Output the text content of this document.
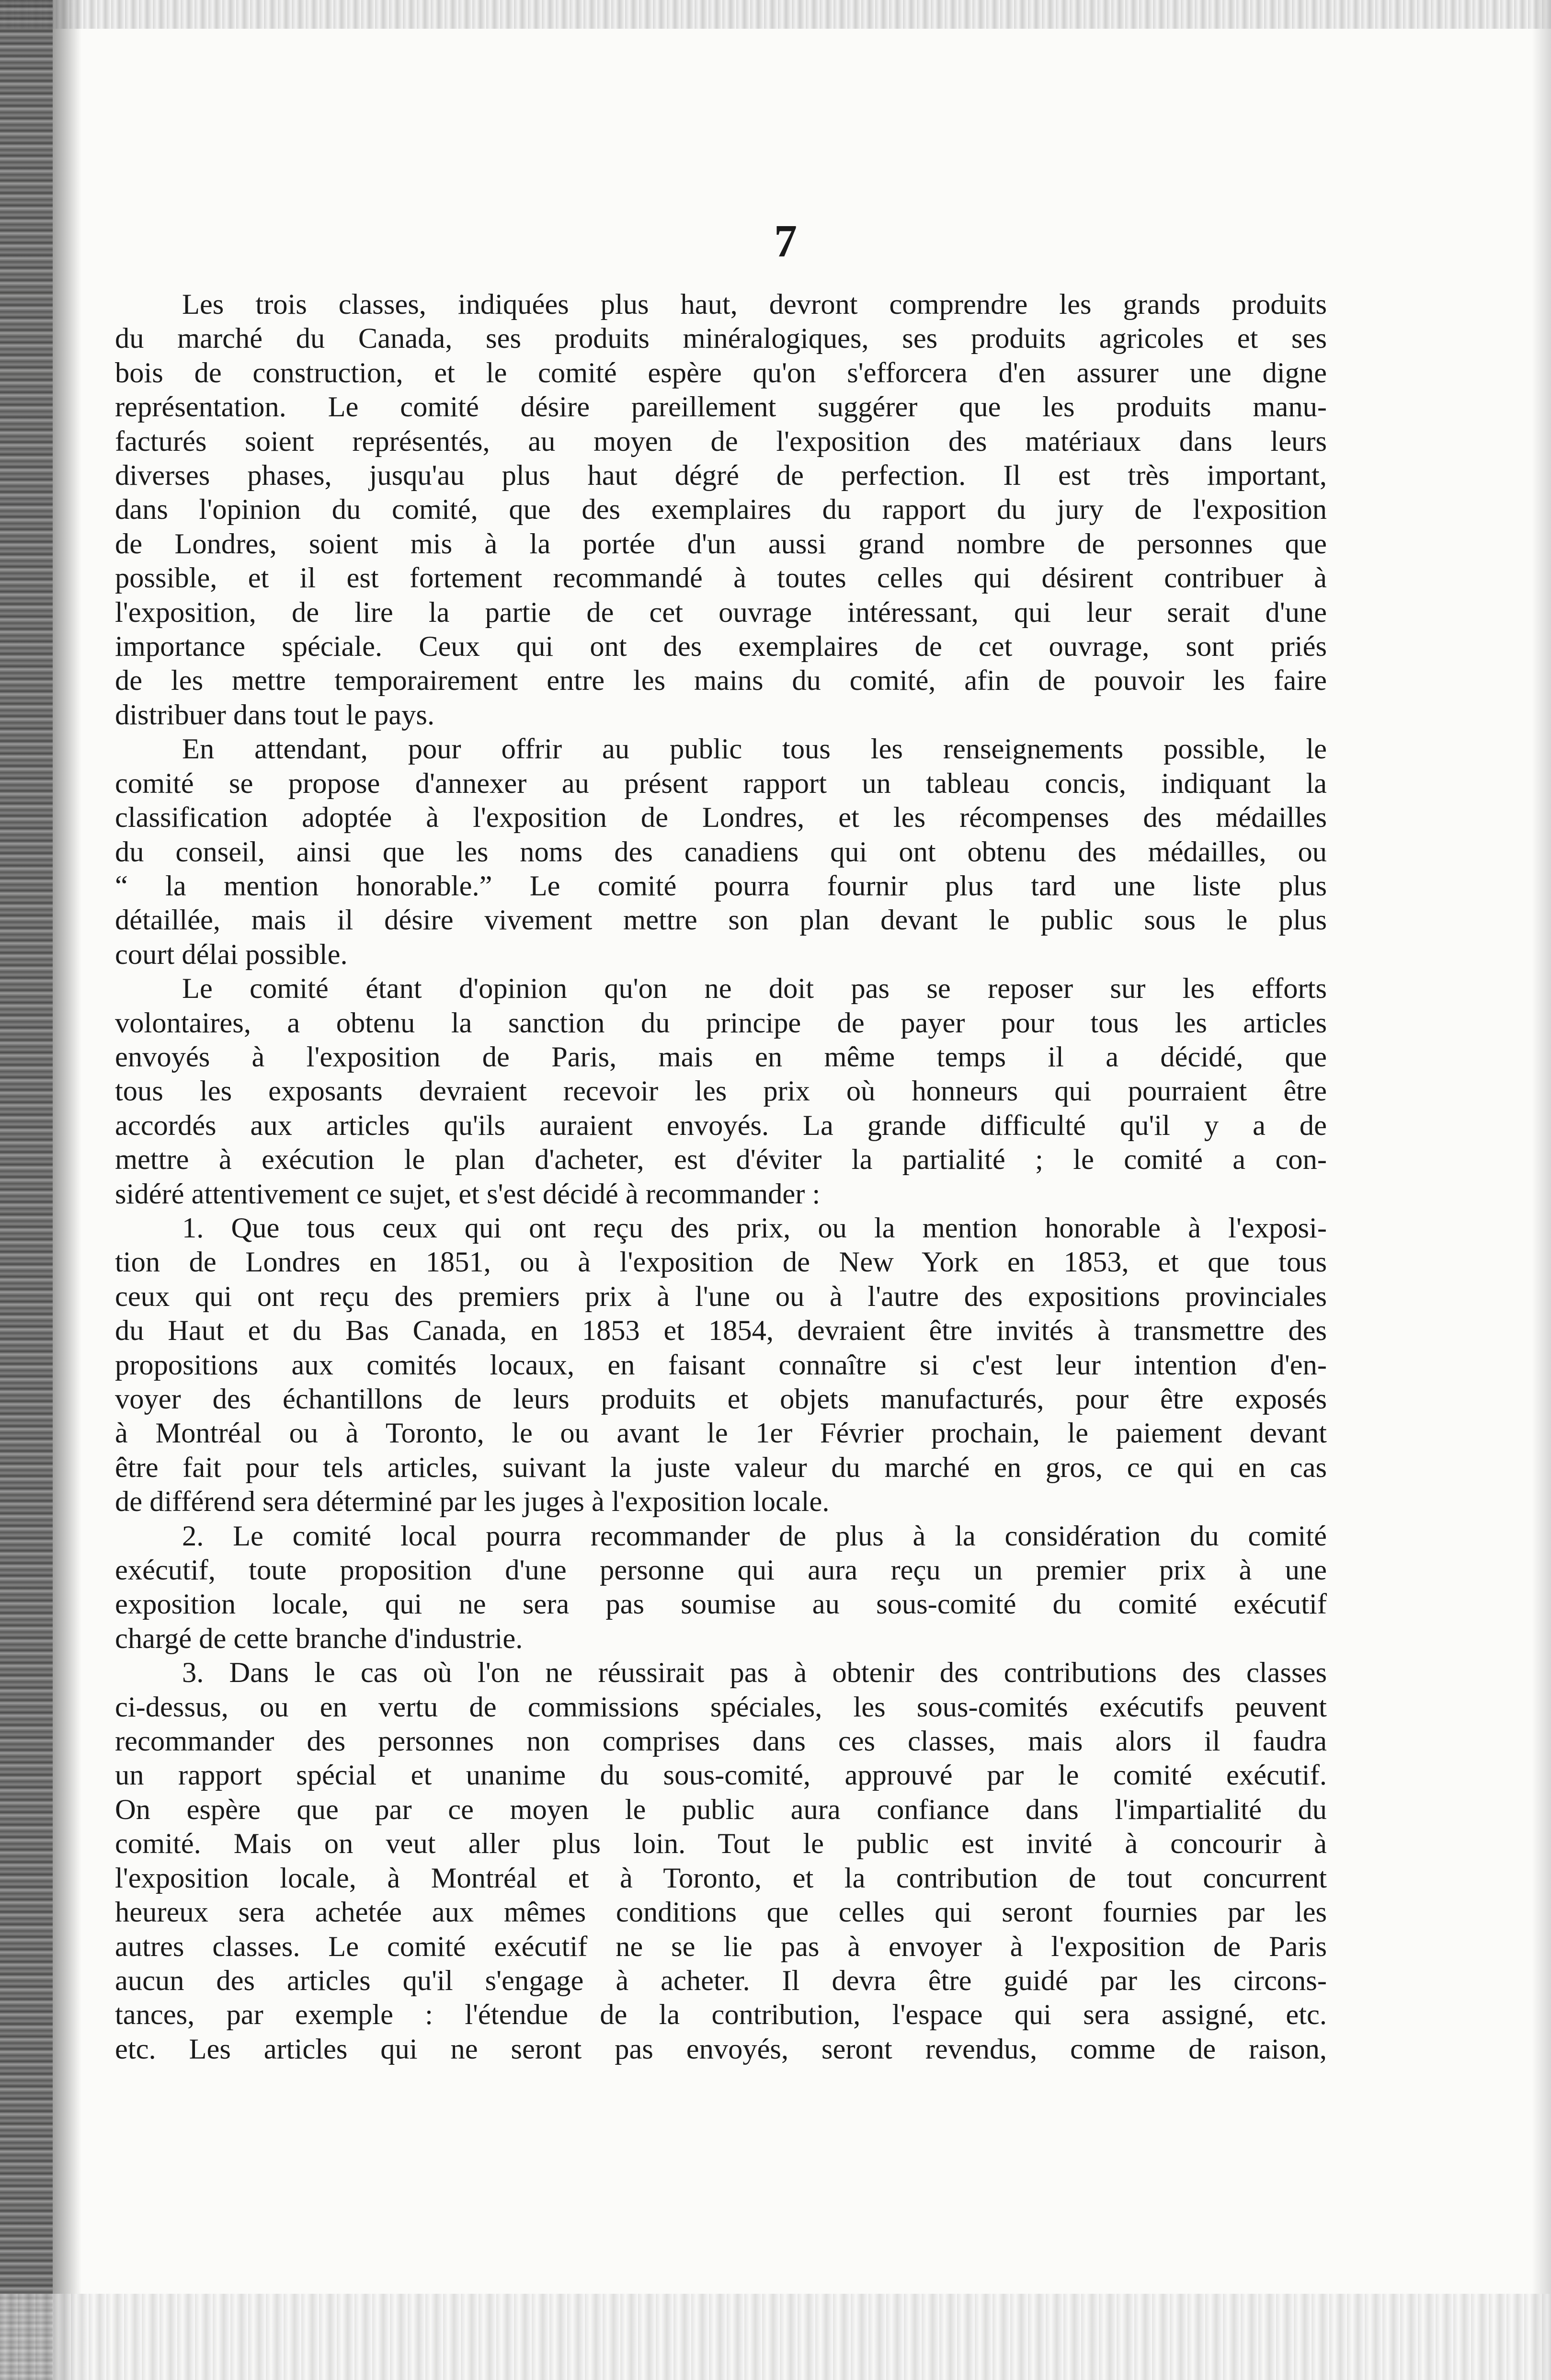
7

Les trois classes, indiquées plus haut, devront comprendre les grands produits
du marché du Canada, ses produits minéralogiques, ses produits agricoles et ses
bois de construction, et le comité espère qu'on s'efforcera d'en assurer une digne
représentation. Le comité désire pareillement suggérer que les produits manu-
facturés soient représentés, au moyen de l'exposition des matériaux dans leurs
diverses phases, jusqu'au plus haut dégré de perfection. Il est très important,
dans l'opinion du comité, que des exemplaires du rapport du jury de l'exposition
de Londres, soient mis à la portée d'un aussi grand nombre de personnes que
possible, et il est fortement recommandé à toutes celles qui désirent contribuer à
l'exposition, de lire la partie de cet ouvrage intéressant, qui leur serait d'une
importance spéciale. Ceux qui ont des exemplaires de cet ouvrage, sont priés
de les mettre temporairement entre les mains du comité, afin de pouvoir les faire
distribuer dans tout le pays.

En attendant, pour offrir au public tous les renseignements possible, le
comité se propose d'annexer au présent rapport un tableau concis, indiquant la
classification adoptée à l'exposition de Londres, et les récompenses des médailles
du conseil, ainsi que les noms des canadiens qui ont obtenu des médailles, ou
“ la mention honorable.” Le comité pourra fournir plus tard une liste plus
détaillée, mais il désire vivement mettre son plan devant le public sous le plus
court délai possible.

Le comité étant d'opinion qu'on ne doit pas se reposer sur les efforts
volontaires, a obtenu la sanction du principe de payer pour tous les articles
envoyés à l'exposition de Paris, mais en même temps il a décidé, que
tous les exposants devraient recevoir les prix où honneurs qui pourraient être
accordés aux articles qu'ils auraient envoyés. La grande difficulté qu'il y a de
mettre à exécution le plan d'acheter, est d'éviter la partialité ; le comité a con-
sidéré attentivement ce sujet, et s'est décidé à recommander :

1. Que tous ceux qui ont reçu des prix, ou la mention honorable à l'exposi-
tion de Londres en 1851, ou à l'exposition de New York en 1853, et que tous
ceux qui ont reçu des premiers prix à l'une ou à l'autre des expositions provinciales
du Haut et du Bas Canada, en 1853 et 1854, devraient être invités à transmettre des
propositions aux comités locaux, en faisant connaître si c'est leur intention d'en-
voyer des échantillons de leurs produits et objets manufacturés, pour être exposés
à Montréal ou à Toronto, le ou avant le 1er Février prochain, le paiement devant
être fait pour tels articles, suivant la juste valeur du marché en gros, ce qui en cas
de différend sera déterminé par les juges à l'exposition locale.

2. Le comité local pourra recommander de plus à la considération du comité
exécutif, toute proposition d'une personne qui aura reçu un premier prix à une
exposition locale, qui ne sera pas soumise au sous-comité du comité exécutif
chargé de cette branche d'industrie.

3. Dans le cas où l'on ne réussirait pas à obtenir des contributions des classes
ci-dessus, ou en vertu de commissions spéciales, les sous-comités exécutifs peuvent
recommander des personnes non comprises dans ces classes, mais alors il faudra
un rapport spécial et unanime du sous-comité, approuvé par le comité exécutif.
On espère que par ce moyen le public aura confiance dans l'impartialité du
comité. Mais on veut aller plus loin. Tout le public est invité à concourir à
l'exposition locale, à Montréal et à Toronto, et la contribution de tout concurrent
heureux sera achetée aux mêmes conditions que celles qui seront fournies par les
autres classes. Le comité exécutif ne se lie pas à envoyer à l'exposition de Paris
aucun des articles qu'il s'engage à acheter. Il devra être guidé par les circons-
tances, par exemple : l'étendue de la contribution, l'espace qui sera assigné, etc.
etc. Les articles qui ne seront pas envoyés, seront revendus, comme de raison,
